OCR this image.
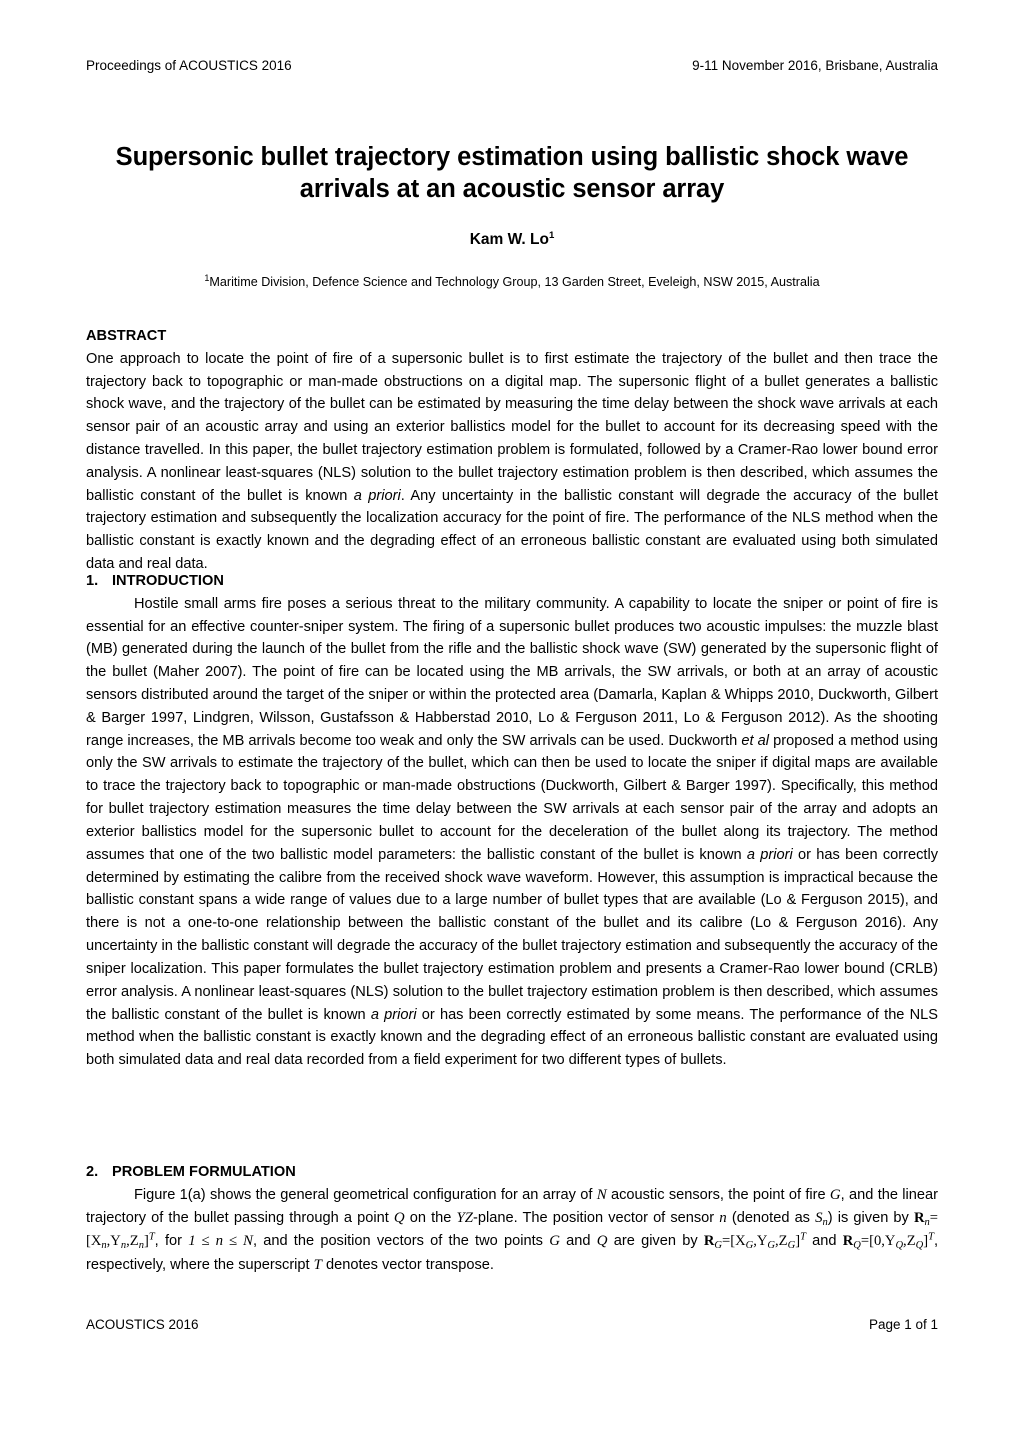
Proceedings of ACOUSTICS 2016	9-11 November 2016, Brisbane, Australia
Supersonic bullet trajectory estimation using ballistic shock wave arrivals at an acoustic sensor array
Kam W. Lo$^1$
$^1$Maritime Division, Defence Science and Technology Group, 13 Garden Street, Eveleigh, NSW 2015, Australia
ABSTRACT

One approach to locate the point of fire of a supersonic bullet is to first estimate the trajectory of the bullet and then trace the trajectory back to topographic or man-made obstructions on a digital map. The supersonic flight of a bullet generates a ballistic shock wave, and the trajectory of the bullet can be estimated by measuring the time delay between the shock wave arrivals at each sensor pair of an acoustic array and using an exterior ballistics model for the bullet to account for its decreasing speed with the distance travelled. In this paper, the bullet trajectory estimation problem is formulated, followed by a Cramer-Rao lower bound error analysis. A nonlinear least-squares (NLS) solution to the bullet trajectory estimation problem is then described, which assumes the ballistic constant of the bullet is known a priori. Any uncertainty in the ballistic constant will degrade the accuracy of the bullet trajectory estimation and subsequently the localization accuracy for the point of fire. The performance of the NLS method when the ballistic constant is exactly known and the degrading effect of an erroneous ballistic constant are evaluated using both simulated data and real data.

1. INTRODUCTION

Hostile small arms fire poses a serious threat to the military community. A capability to locate the sniper or point of fire is essential for an effective counter-sniper system. The firing of a supersonic bullet produces two acoustic impulses: the muzzle blast (MB) generated during the launch of the bullet from the rifle and the ballistic shock wave (SW) generated by the supersonic flight of the bullet (Maher 2007). The point of fire can be located using the MB arrivals, the SW arrivals, or both at an array of acoustic sensors distributed around the target of the sniper or within the protected area (Damarla, Kaplan & Whipps 2010, Duckworth, Gilbert & Barger 1997, Lindgren, Wilsson, Gustafsson & Habberstad 2010, Lo & Ferguson 2011, Lo & Ferguson 2012). As the shooting range increases, the MB arrivals become too weak and only the SW arrivals can be used. Duckworth et al proposed a method using only the SW arrivals to estimate the trajectory of the bullet, which can then be used to locate the sniper if digital maps are available to trace the trajectory back to topographic or man-made obstructions (Duckworth, Gilbert & Barger 1997). Specifically, this method for bullet trajectory estimation measures the time delay between the SW arrivals at each sensor pair of the array and adopts an exterior ballistics model for the supersonic bullet to account for the deceleration of the bullet along its trajectory. The method assumes that one of the two ballistic model parameters: the ballistic constant of the bullet is known a priori or has been correctly determined by estimating the calibre from the received shock wave waveform. However, this assumption is impractical because the ballistic constant spans a wide range of values due to a large number of bullet types that are available (Lo & Ferguson 2015), and there is not a one-to-one relationship between the ballistic constant of the bullet and its calibre (Lo & Ferguson 2016). Any uncertainty in the ballistic constant will degrade the accuracy of the bullet trajectory estimation and subsequently the accuracy of the sniper localization. This paper formulates the bullet trajectory estimation problem and presents a Cramer-Rao lower bound (CRLB) error analysis. A nonlinear least-squares (NLS) solution to the bullet trajectory estimation problem is then described, which assumes the ballistic constant of the bullet is known a priori or has been correctly estimated by some means. The performance of the NLS method when the ballistic constant is exactly known and the degrading effect of an erroneous ballistic constant are evaluated using both simulated data and real data recorded from a field experiment for two different types of bullets.

2. PROBLEM FORMULATION

Figure 1(a) shows the general geometrical configuration for an array of N acoustic sensors, the point of fire G, and the linear trajectory of the bullet passing through a point Q on the YZ-plane. The position vector of sensor n (denoted as $S_n$) is given by $R_n=[X_n,Y_n,Z_n]^T$, for 1 ≤ n ≤ N, and the position vectors of the two points G and Q are given by $R_G=[X_G,Y_G,Z_G]^T$ and $R_Q=[0,Y_Q,Z_Q]^T$, respectively, where the superscript T denotes vector transpose.

ACOUSTICS 2016	Page 1 of 1
